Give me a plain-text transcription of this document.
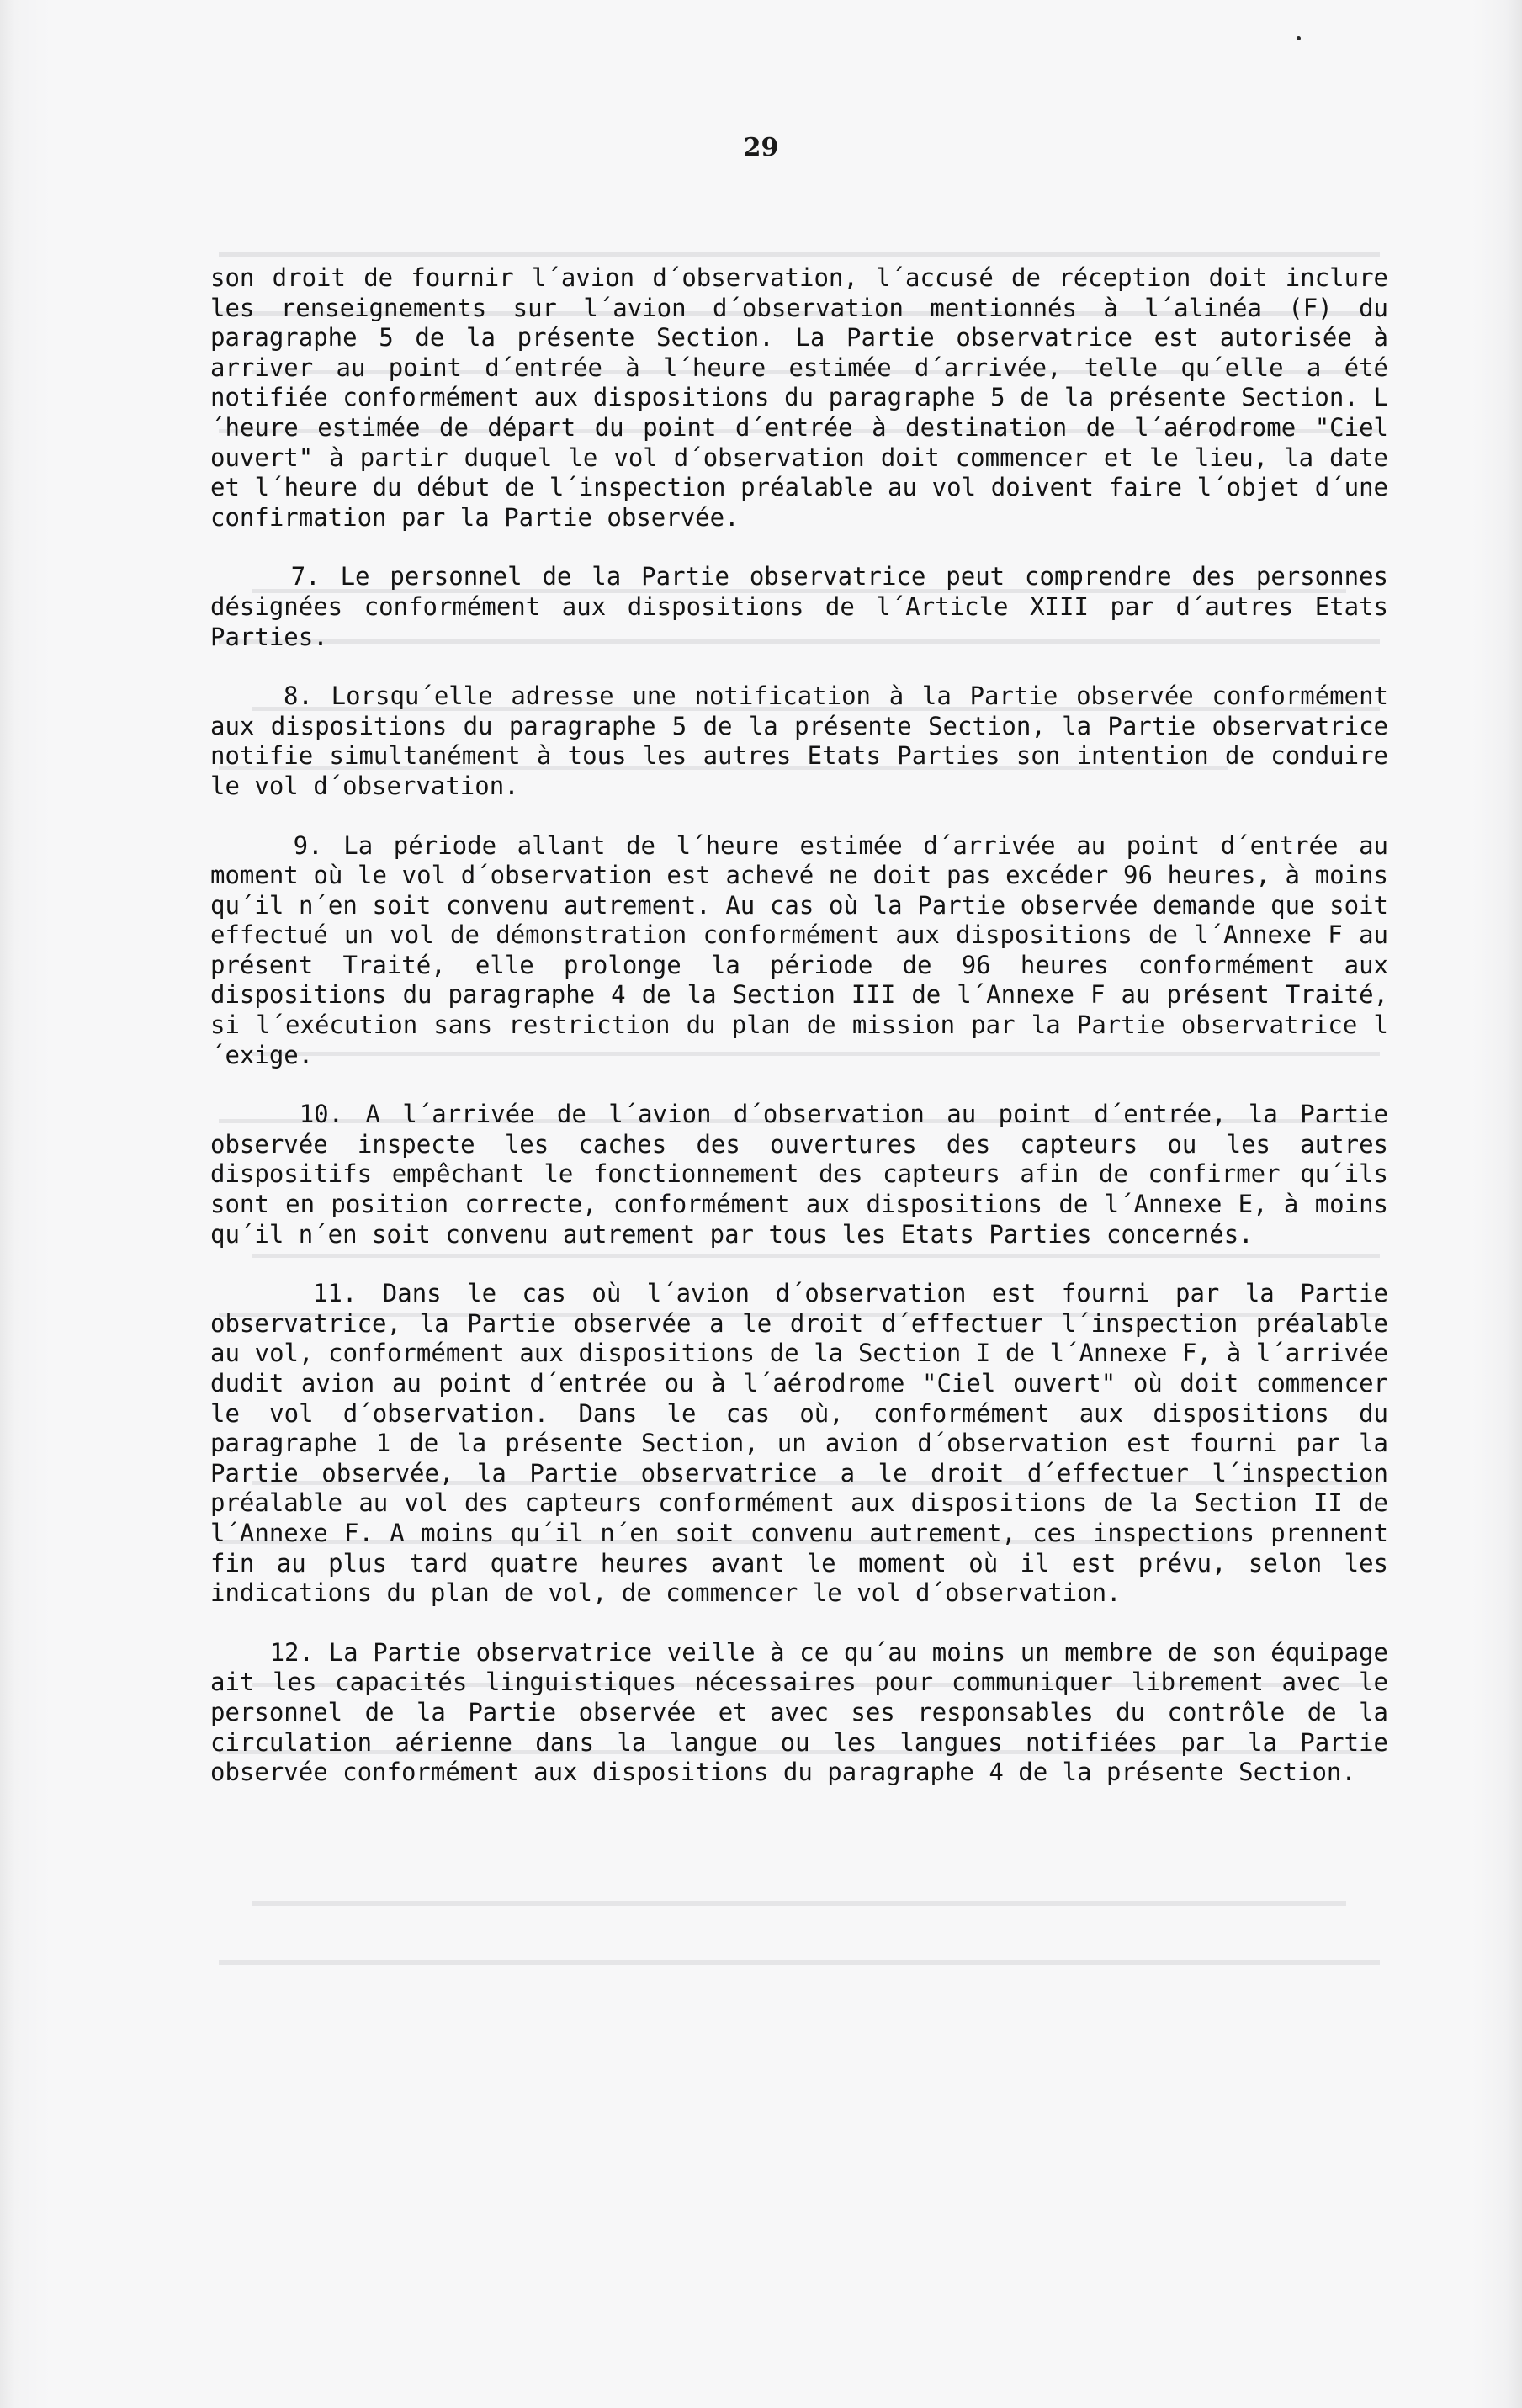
29

son droit de fournir l´avion d´observation, l´accusé de réception doit inclure les renseignements sur l´avion d´observation mentionnés à l´alinéa (F) du paragraphe 5 de la présente Section. La Partie observatrice est autorisée à arriver au point d´entrée à l´heure estimée d´arrivée, telle qu´elle a été notifiée conformément aux dispositions du paragraphe 5 de la présente Section. L´heure estimée de départ du point d´entrée à destination de l´aérodrome "Ciel ouvert" à partir duquel le vol d´observation doit commencer et le lieu, la date et l´heure du début de l´inspection préalable au vol doivent faire l´objet d´une confirmation par la Partie observée.

7. Le personnel de la Partie observatrice peut comprendre des personnes désignées conformément aux dispositions de l´Article XIII par d´autres Etats Parties.

8. Lorsqu´elle adresse une notification à la Partie observée conformément aux dispositions du paragraphe 5 de la présente Section, la Partie observatrice notifie simultanément à tous les autres Etats Parties son intention de conduire le vol d´observation.

9. La période allant de l´heure estimée d´arrivée au point d´entrée au moment où le vol d´observation est achevé ne doit pas excéder 96 heures, à moins qu´il n´en soit convenu autrement. Au cas où la Partie observée demande que soit effectué un vol de démonstration conformément aux dispositions de l´Annexe F au présent Traité, elle prolonge la période de 96 heures conformément aux dispositions du paragraphe 4 de la Section III de l´Annexe F au présent Traité, si l´exécution sans restriction du plan de mission par la Partie observatrice l´exige.

10. A l´arrivée de l´avion d´observation au point d´entrée, la Partie observée inspecte les caches des ouvertures des capteurs ou les autres dispositifs empêchant le fonctionnement des capteurs afin de confirmer qu´ils sont en position correcte, conformément aux dispositions de l´Annexe E, à moins qu´il n´en soit convenu autrement par tous les Etats Parties concernés.

11. Dans le cas où l´avion d´observation est fourni par la Partie observatrice, la Partie observée a le droit d´effectuer l´inspection préalable au vol, conformément aux dispositions de la Section I de l´Annexe F, à l´arrivée dudit avion au point d´entrée ou à l´aérodrome "Ciel ouvert" où doit commencer le vol d´observation. Dans le cas où, conformément aux dispositions du paragraphe 1 de la présente Section, un avion d´observation est fourni par la Partie observée, la Partie observatrice a le droit d´effectuer l´inspection préalable au vol des capteurs conformément aux dispositions de la Section II de l´Annexe F. A moins qu´il n´en soit convenu autrement, ces inspections prennent fin au plus tard quatre heures avant le moment où il est prévu, selon les indications du plan de vol, de commencer le vol d´observation.

12. La Partie observatrice veille à ce qu´au moins un membre de son équipage ait les capacités linguistiques nécessaires pour communiquer librement avec le personnel de la Partie observée et avec ses responsables du contrôle de la circulation aérienne dans la langue ou les langues notifiées par la Partie observée conformément aux dispositions du paragraphe 4 de la présente Section.
